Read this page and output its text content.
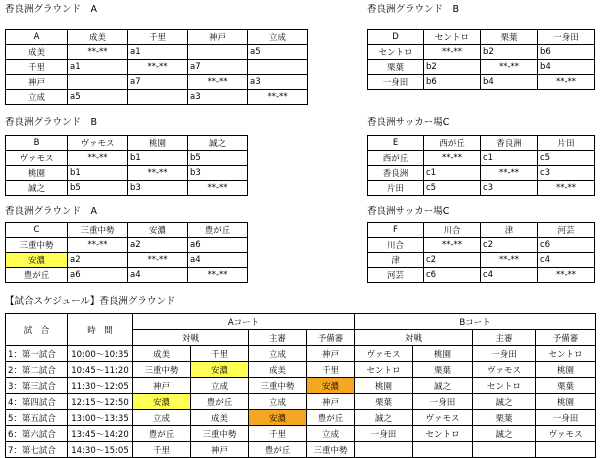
香良洲グラウンド　A
香良洲グラウンド　B
香良洲グラウンド　A
香良洲グラウンド　B
香良洲サッカー場C
香良洲サッカー場C
A	成美	千里	神戸	立成
成美	**-**	a1		a5
千里	a1	**-**	a7	
神戸		a7	**-**	a3
立成	a5		a3	**-**
B	ヴァモス	桃園	誠之
ヴァモス	**-**	b1	b5
桃園	b1	**-**	b3
誠之	b5	b3	**-**
C	三重中勢	安濃	豊が丘
三重中勢	**-**	a2	a6
安濃	a2	**-**	a4
豊が丘	a6	a4	**-**
D	セントロ	栗葉	一身田
セントロ	**-**	b2	b6
栗葉	b2	**-**	b4
一身田	b6	b4	**-**
E	西が丘	香良洲	片田
西が丘	**-**	c1	c5
香良洲	c1	**-**	c3
片田	c5	c3	**-**
F	川合	津	河芸
川合	**-**	c2	c6
津	c2	**-**	c4
河芸	c6	c4	**-**
【試合スケジュール】香良洲グラウンド
試　合	時　間	Aコート				Bコート			
		対戦		主審	予備審	対戦		主審	予備審
1：第一試合	10:00～10:35	成美	千里	立成	神戸	ヴァモス	桃園	一身田	セントロ
2：第二試合	10:45～11:20	三重中勢	安濃	成美	千里	セントロ	栗葉	ヴァモス	桃園
3：第三試合	11:30～12:05	神戸	立成	三重中勢	安濃	桃園	誠之	セントロ	栗葉
4：第四試合	12:15～12:50	安濃	豊が丘	立成	神戸	栗葉	一身田	誠之	桃園
5：第五試合	13:00～13:35	立成	成美	安濃	豊が丘	誠之	ヴァモス	栗葉	一身田
6：第六試合	13:45～14:20	豊が丘	三重中勢	千里	立成	一身田	セントロ	誠之	ヴァモス
7：第七試合	14:30～15:05	千里	神戸	豊が丘	三重中勢				
